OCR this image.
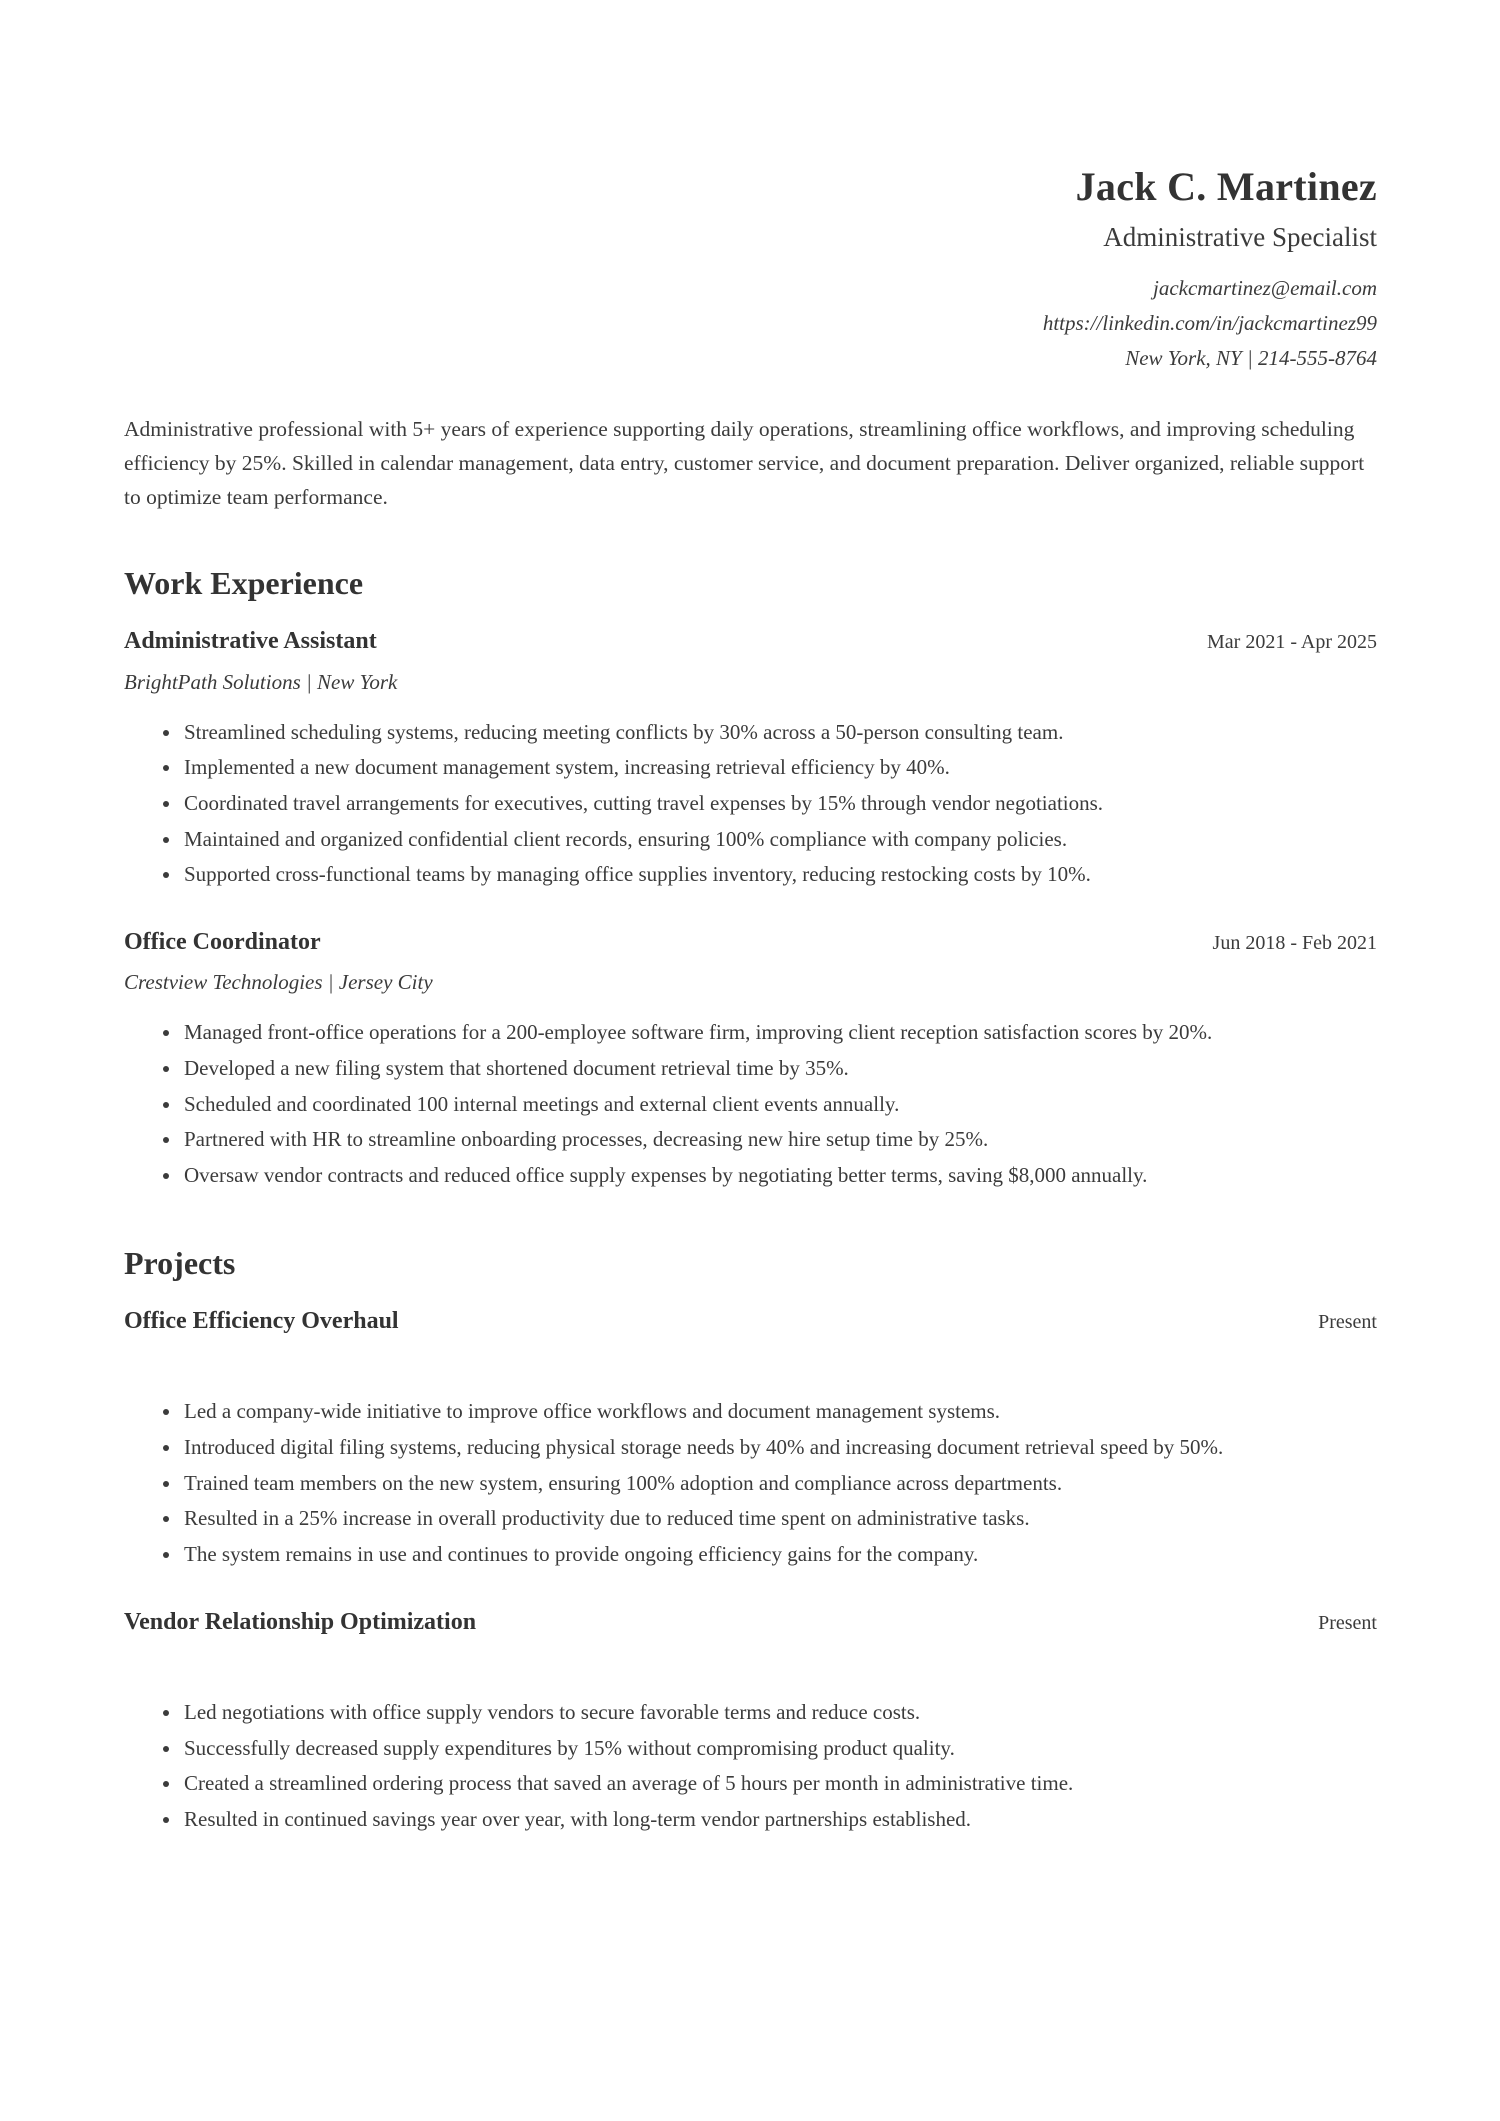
Jack C. Martinez
Administrative Specialist
jackcmartinez@email.com
https://linkedin.com/in/jackcmartinez99
New York, NY | 214-555-8764

Administrative professional with 5+ years of experience supporting daily operations, streamlining office workflows, and improving scheduling efficiency by 25%. Skilled in calendar management, data entry, customer service, and document preparation. Deliver organized, reliable support to optimize team performance.

Work Experience
Administrative Assistant	Mar 2021 - Apr 2025
BrightPath Solutions | New York
• Streamlined scheduling systems, reducing meeting conflicts by 30% across a 50-person consulting team.
• Implemented a new document management system, increasing retrieval efficiency by 40%.
• Coordinated travel arrangements for executives, cutting travel expenses by 15% through vendor negotiations.
• Maintained and organized confidential client records, ensuring 100% compliance with company policies.
• Supported cross-functional teams by managing office supplies inventory, reducing restocking costs by 10%.
Office Coordinator	Jun 2018 - Feb 2021
Crestview Technologies | Jersey City
• Managed front-office operations for a 200-employee software firm, improving client reception satisfaction scores by 20%.
• Developed a new filing system that shortened document retrieval time by 35%.
• Scheduled and coordinated 100 internal meetings and external client events annually.
• Partnered with HR to streamline onboarding processes, decreasing new hire setup time by 25%.
• Oversaw vendor contracts and reduced office supply expenses by negotiating better terms, saving $8,000 annually.
Projects
Office Efficiency Overhaul	Present
• Led a company-wide initiative to improve office workflows and document management systems.
• Introduced digital filing systems, reducing physical storage needs by 40% and increasing document retrieval speed by 50%.
• Trained team members on the new system, ensuring 100% adoption and compliance across departments.
• Resulted in a 25% increase in overall productivity due to reduced time spent on administrative tasks.
• The system remains in use and continues to provide ongoing efficiency gains for the company.
Vendor Relationship Optimization	Present
• Led negotiations with office supply vendors to secure favorable terms and reduce costs.
• Successfully decreased supply expenditures by 15% without compromising product quality.
• Created a streamlined ordering process that saved an average of 5 hours per month in administrative time.
• Resulted in continued savings year over year, with long-term vendor partnerships established.
